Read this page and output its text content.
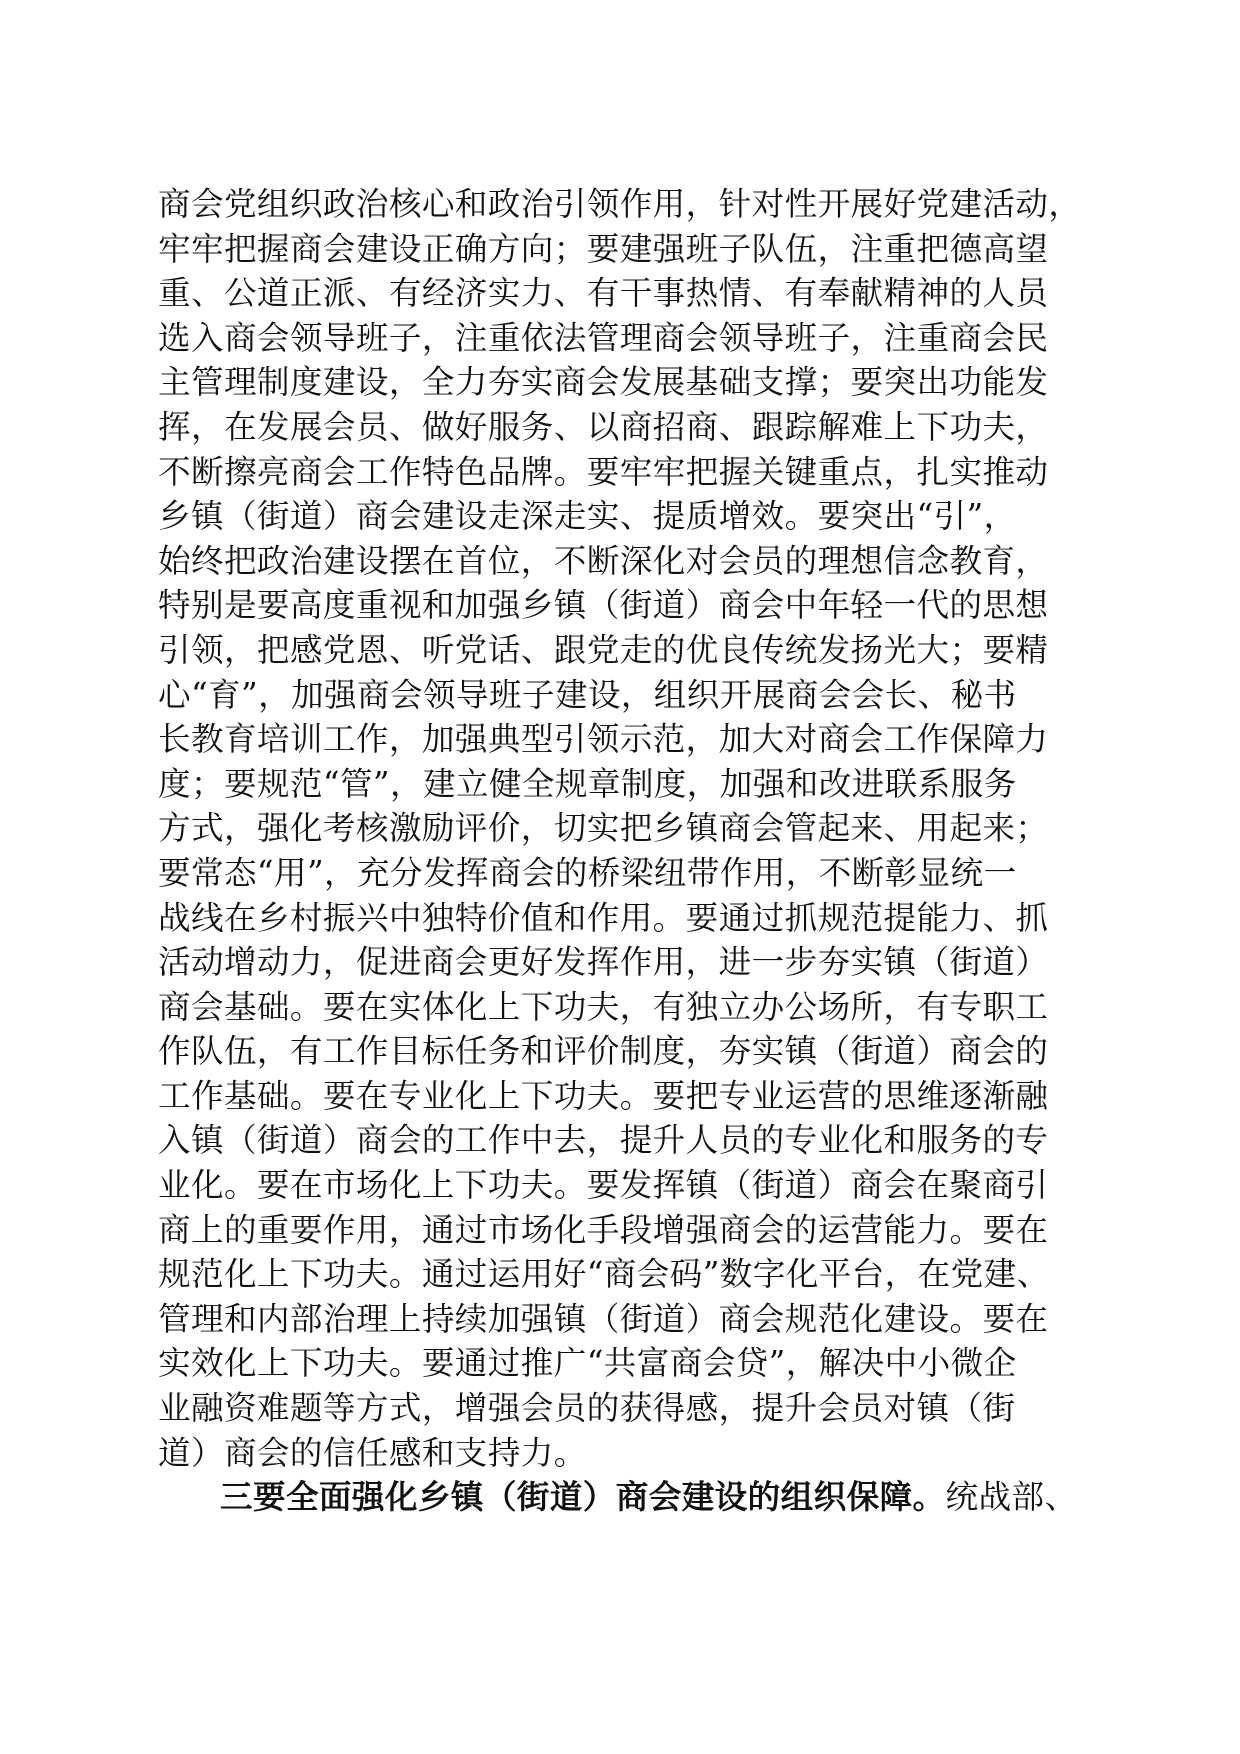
商会党组织政治核心和政治引领作用，针对性开展好党建活动，
牢牢把握商会建设正确方向；要建强班子队伍，注重把德高望
重、公道正派、有经济实力、有干事热情、有奉献精神的人员
选入商会领导班子，注重依法管理商会领导班子，注重商会民
主管理制度建设，全力夯实商会发展基础支撑；要突出功能发
挥，在发展会员、做好服务、以商招商、跟踪解难上下功夫，
不断擦亮商会工作特色品牌。要牢牢把握关键重点，扎实推动
乡镇（街道）商会建设走深走实、提质增效。要突出“引”，
始终把政治建设摆在首位，不断深化对会员的理想信念教育，
特别是要高度重视和加强乡镇（街道）商会中年轻一代的思想
引领，把感党恩、听党话、跟党走的优良传统发扬光大；要精
心“育”，加强商会领导班子建设，组织开展商会会长、秘书
长教育培训工作，加强典型引领示范，加大对商会工作保障力
度；要规范“管”，建立健全规章制度，加强和改进联系服务
方式，强化考核激励评价，切实把乡镇商会管起来、用起来；
要常态“用”，充分发挥商会的桥梁纽带作用，不断彰显统一
战线在乡村振兴中独特价值和作用。要通过抓规范提能力、抓
活动增动力，促进商会更好发挥作用，进一步夯实镇（街道）
商会基础。要在实体化上下功夫，有独立办公场所，有专职工
作队伍，有工作目标任务和评价制度，夯实镇（街道）商会的
工作基础。要在专业化上下功夫。要把专业运营的思维逐渐融
入镇（街道）商会的工作中去，提升人员的专业化和服务的专
业化。要在市场化上下功夫。要发挥镇（街道）商会在聚商引
商上的重要作用，通过市场化手段增强商会的运营能力。要在
规范化上下功夫。通过运用好“商会码”数字化平台，在党建、
管理和内部治理上持续加强镇（街道）商会规范化建设。要在
实效化上下功夫。要通过推广“共富商会贷”，解决中小微企
业融资难题等方式，增强会员的获得感，提升会员对镇（街
道）商会的信任感和支持力。
三要全面强化乡镇（街道）商会建设的组织保障。统战部、
